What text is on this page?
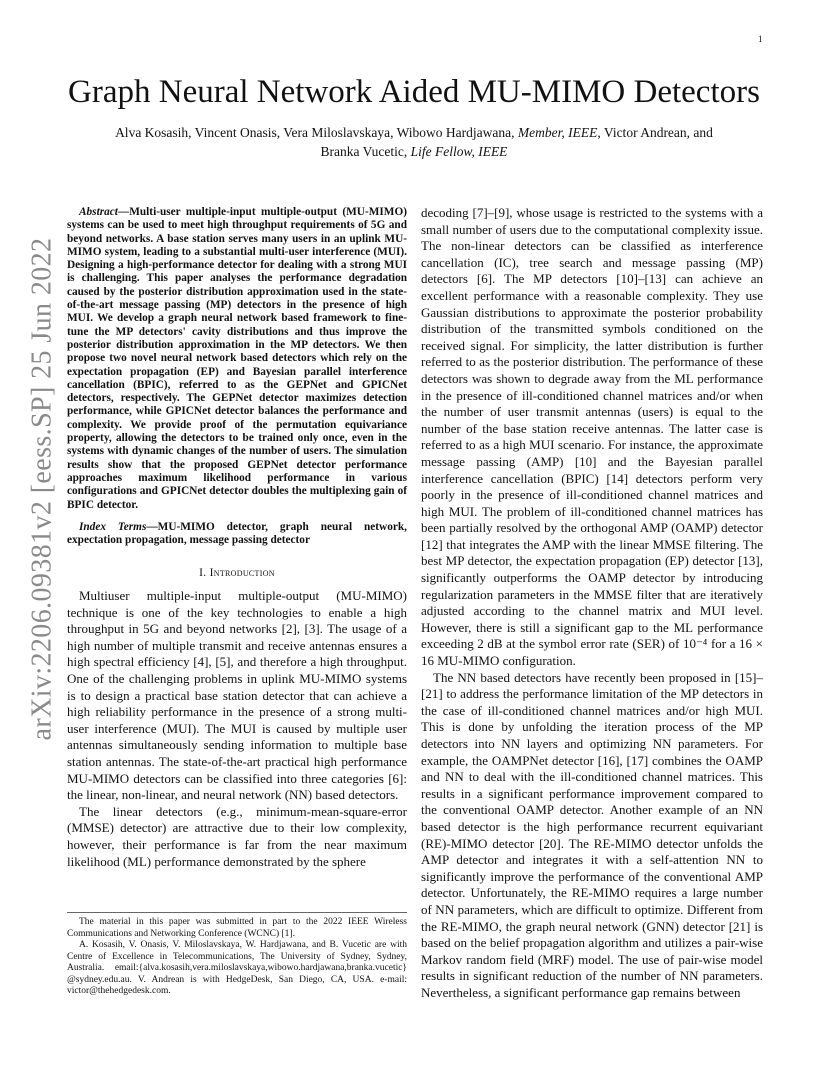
1
arXiv:2206.09381v2 [eess.SP] 25 Jun 2022
Graph Neural Network Aided MU-MIMO Detectors
Alva Kosasih, Vincent Onasis, Vera Miloslavskaya, Wibowo Hardjawana, Member, IEEE, Victor Andrean, and
Branka Vucetic, Life Fellow, IEEE

Abstract—Multi-user multiple-input multiple-output (MU-MIMO) systems can be used to meet high throughput requirements of 5G and beyond networks. A base station serves many users in an uplink MU-MIMO system, leading to a substantial multi-user interference (MUI). Designing a high-performance detector for dealing with a strong MUI is challenging. This paper analyses the performance degradation caused by the posterior distribution approximation used in the state-of-the-art message passing (MP) detectors in the presence of high MUI. We develop a graph neural network based framework to fine-tune the MP detectors' cavity distributions and thus improve the posterior distribution approximation in the MP detectors. We then propose two novel neural network based detectors which rely on the expectation propagation (EP) and Bayesian parallel interference cancellation (BPIC), referred to as the GEPNet and GPICNet detectors, respectively. The GEPNet detector maximizes detection performance, while GPICNet detector balances the performance and complexity. We provide proof of the permutation equivariance property, allowing the detectors to be trained only once, even in the systems with dynamic changes of the number of users. The simulation results show that the proposed GEPNet detector performance approaches maximum likelihood performance in various configurations and GPICNet detector doubles the multiplexing gain of BPIC detector.

Index Terms—MU-MIMO detector, graph neural network, expectation propagation, message passing detector

I. Introduction

Multiuser multiple-input multiple-output (MU-MIMO) technique is one of the key technologies to enable a high throughput in 5G and beyond networks [2], [3]. The usage of a high number of multiple transmit and receive antennas ensures a high spectral efficiency [4], [5], and therefore a high throughput. One of the challenging problems in uplink MU-MIMO systems is to design a practical base station detector that can achieve a high reliability performance in the presence of a strong multi-user interference (MUI). The MUI is caused by multiple user antennas simultaneously sending information to multiple base station antennas. The state-of-the-art practical high performance MU-MIMO detectors can be classified into three categories [6]: the linear, non-linear, and neural network (NN) based detectors.

The linear detectors (e.g., minimum-mean-square-error (MMSE) detector) are attractive due to their low complexity, however, their performance is far from the near maximum likelihood (ML) performance demonstrated by the sphere

The material in this paper was submitted in part to the 2022 IEEE Wireless Communications and Networking Conference (WCNC) [1].

A. Kosasih, V. Onasis, V. Miloslavskaya, W. Hardjawana, and B. Vucetic are with Centre of Excellence in Telecommunications, The University of Sydney, Sydney, Australia. email:{alva.kosasih,vera.miloslavskaya,wibowo.hardjawana,branka.vucetic} @sydney.edu.au. V. Andrean is with HedgeDesk, San Diego, CA, USA. e-mail: victor@thehedgedesk.com.

decoding [7]–[9], whose usage is restricted to the systems with a small number of users due to the computational complexity issue. The non-linear detectors can be classified as interference cancellation (IC), tree search and message passing (MP) detectors [6]. The MP detectors [10]–[13] can achieve an excellent performance with a reasonable complexity. They use Gaussian distributions to approximate the posterior probability distribution of the transmitted symbols conditioned on the received signal. For simplicity, the latter distribution is further referred to as the posterior distribution. The performance of these detectors was shown to degrade away from the ML performance in the presence of ill-conditioned channel matrices and/or when the number of user transmit antennas (users) is equal to the number of the base station receive antennas. The latter case is referred to as a high MUI scenario. For instance, the approximate message passing (AMP) [10] and the Bayesian parallel interference cancellation (BPIC) [14] detectors perform very poorly in the presence of ill-conditioned channel matrices and high MUI. The problem of ill-conditioned channel matrices has been partially resolved by the orthogonal AMP (OAMP) detector [12] that integrates the AMP with the linear MMSE filtering. The best MP detector, the expectation propagation (EP) detector [13], significantly outperforms the OAMP detector by introducing regularization parameters in the MMSE filter that are iteratively adjusted according to the channel matrix and MUI level. However, there is still a significant gap to the ML performance exceeding 2 dB at the symbol error rate (SER) of 10⁻⁴ for a 16 × 16 MU-MIMO configuration.

The NN based detectors have recently been proposed in [15]–[21] to address the performance limitation of the MP detectors in the case of ill-conditioned channel matrices and/or high MUI. This is done by unfolding the iteration process of the MP detectors into NN layers and optimizing NN parameters. For example, the OAMPNet detector [16], [17] combines the OAMP and NN to deal with the ill-conditioned channel matrices. This results in a significant performance improvement compared to the conventional OAMP detector. Another example of an NN based detector is the high performance recurrent equivariant (RE)-MIMO detector [20]. The RE-MIMO detector unfolds the AMP detector and integrates it with a self-attention NN to significantly improve the performance of the conventional AMP detector. Unfortunately, the RE-MIMO requires a large number of NN parameters, which are difficult to optimize. Different from the RE-MIMO, the graph neural network (GNN) detector [21] is based on the belief propagation algorithm and utilizes a pair-wise Markov random field (MRF) model. The use of pair-wise model results in significant reduction of the number of NN parameters. Nevertheless, a significant performance gap remains between
